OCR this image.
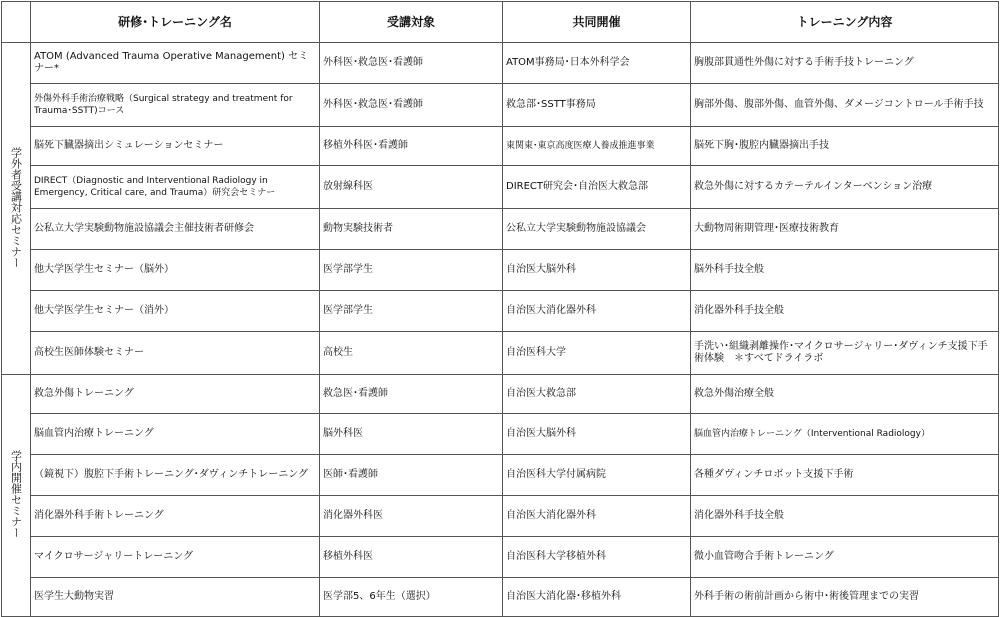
	研修･トレーニング名	受講対象	共同開催	トレーニング内容
学外者受講対応セミナー	ATOM (Advanced Trauma Operative Management) セミナー*	外科医･救急医･看護師	ATOM事務局･日本外科学会	胸腹部貫通性外傷に対する手術手技トレーニング
	外傷外科手術治療戦略（Surgical strategy and treatment for Trauma･SSTT)コース	外科医･救急医･看護師	救急部･SSTT事務局	胸部外傷、腹部外傷、血管外傷、ダメージコントロール手術手技
	脳死下臓器摘出シミュレーションセミナー	移植外科医･看護師	東関東･東京高度医療人養成推進事業	脳死下胸･腹腔内臓器摘出手技
	DIRECT（Diagnostic and Interventional Radiology in Emergency, Critical care, and Trauma）研究会セミナー	放射線科医	DIRECT研究会･自治医大救急部	救急外傷に対するカテーテルインターベンション治療
	公私立大学実験動物施設協議会主催技術者研修会	動物実験技術者	公私立大学実験動物施設協議会	大動物周術期管理･医療技術教育
	他大学医学生セミナー（脳外）	医学部学生	自治医大脳外科	脳外科手技全般
	他大学医学生セミナー（消外）	医学部学生	自治医大消化器外科	消化器外科手技全般
	高校生医師体験セミナー	高校生	自治医科大学	手洗い･組織剥離操作･マイクロサージャリー･ダヴィンチ支援下手術体験　＊すべてドライラボ
学内開催セミナー	救急外傷トレーニング	救急医･看護師	自治医大救急部	救急外傷治療全般
	脳血管内治療トレーニング	脳外科医	自治医大脳外科	脳血管内治療トレーニング（Interventional Radiology）
	（鏡視下）腹腔下手術トレーニング･ダヴィンチトレーニング	医師･看護師	自治医科大学付属病院	各種ダヴィンチロボット支援下手術
	消化器外科手術トレーニング	消化器外科医	自治医大消化器外科	消化器外科手技全般
	マイクロサージャリートレーニング	移植外科医	自治医科大学移植外科	微小血管吻合手術トレーニング
	医学生大動物実習	医学部5、6年生（選択）	自治医大消化器･移植外科	外科手術の術前計画から術中･術後管理までの実習
